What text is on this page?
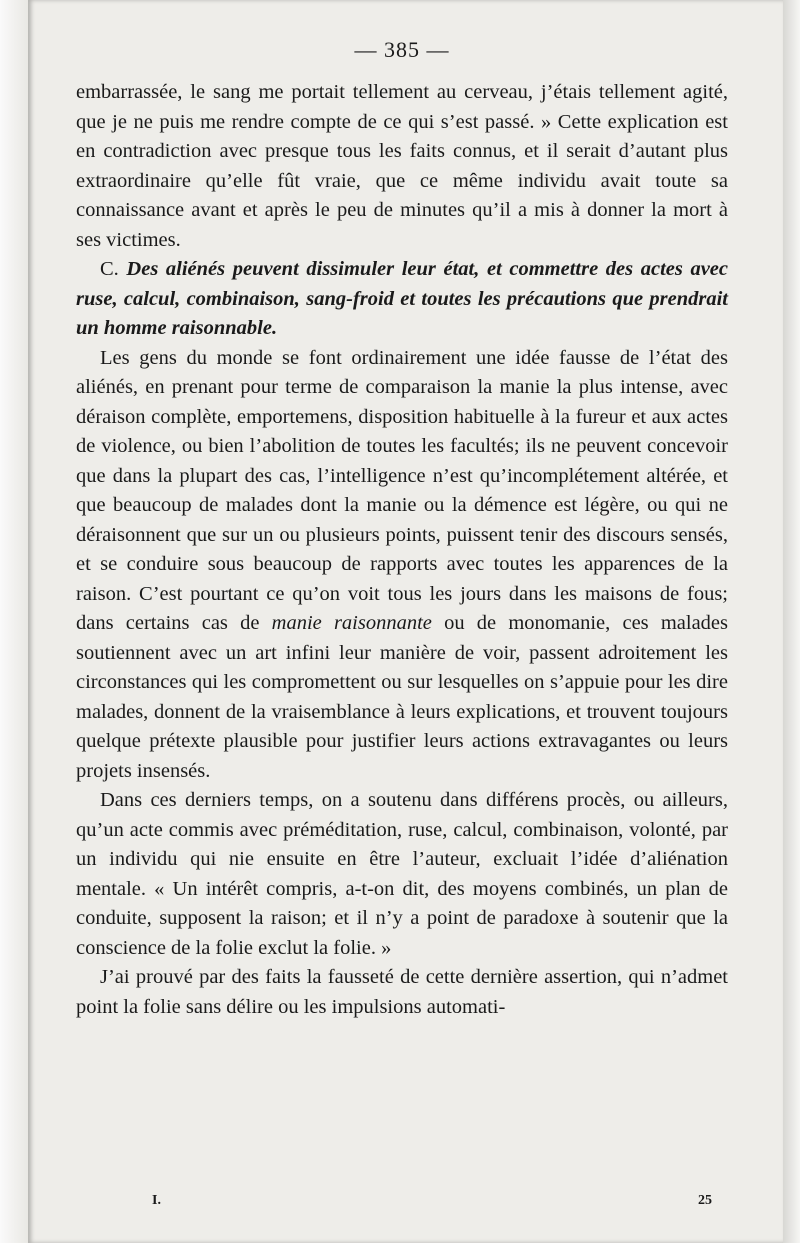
— 385 —

embarrassée, le sang me portait tellement au cerveau, j’étais tellement agité, que je ne puis me rendre compte de ce qui s’est passé. » Cette explication est en contradiction avec presque tous les faits connus, et il serait d’autant plus extraordinaire qu’elle fût vraie, que ce même individu avait toute sa connaissance avant et après le peu de minutes qu’il a mis à donner la mort à ses victimes.

C. Des aliénés peuvent dissimuler leur état, et commettre des actes avec ruse, calcul, combinaison, sang-froid et toutes les précautions que prendrait un homme raisonnable.

Les gens du monde se font ordinairement une idée fausse de l’état des aliénés, en prenant pour terme de comparaison la manie la plus intense, avec déraison complète, emportemens, disposition habituelle à la fureur et aux actes de violence, ou bien l’abolition de toutes les facultés; ils ne peuvent concevoir que dans la plupart des cas, l’intelligence n’est qu’incomplétement altérée, et que beaucoup de malades dont la manie ou la démence est légère, ou qui ne déraisonnent que sur un ou plusieurs points, puissent tenir des discours sensés, et se conduire sous beaucoup de rapports avec toutes les apparences de la raison. C’est pourtant ce qu’on voit tous les jours dans les maisons de fous; dans certains cas de manie raisonnante ou de monomanie, ces malades soutiennent avec un art infini leur manière de voir, passent adroitement les circonstances qui les compromettent ou sur lesquelles on s’appuie pour les dire malades, donnent de la vraisemblance à leurs explications, et trouvent toujours quelque prétexte plausible pour justifier leurs actions extravagantes ou leurs projets insensés.

Dans ces derniers temps, on a soutenu dans différens procès, ou ailleurs, qu’un acte commis avec préméditation, ruse, calcul, combinaison, volonté, par un individu qui nie ensuite en être l’auteur, excluait l’idée d’aliénation mentale. « Un intérêt compris, a-t-on dit, des moyens combinés, un plan de conduite, supposent la raison; et il n’y a point de paradoxe à soutenir que la conscience de la folie exclut la folie. »

J’ai prouvé par des faits la fausseté de cette dernière assertion, qui n’admet point la folie sans délire ou les impulsions automati-

I.	25
